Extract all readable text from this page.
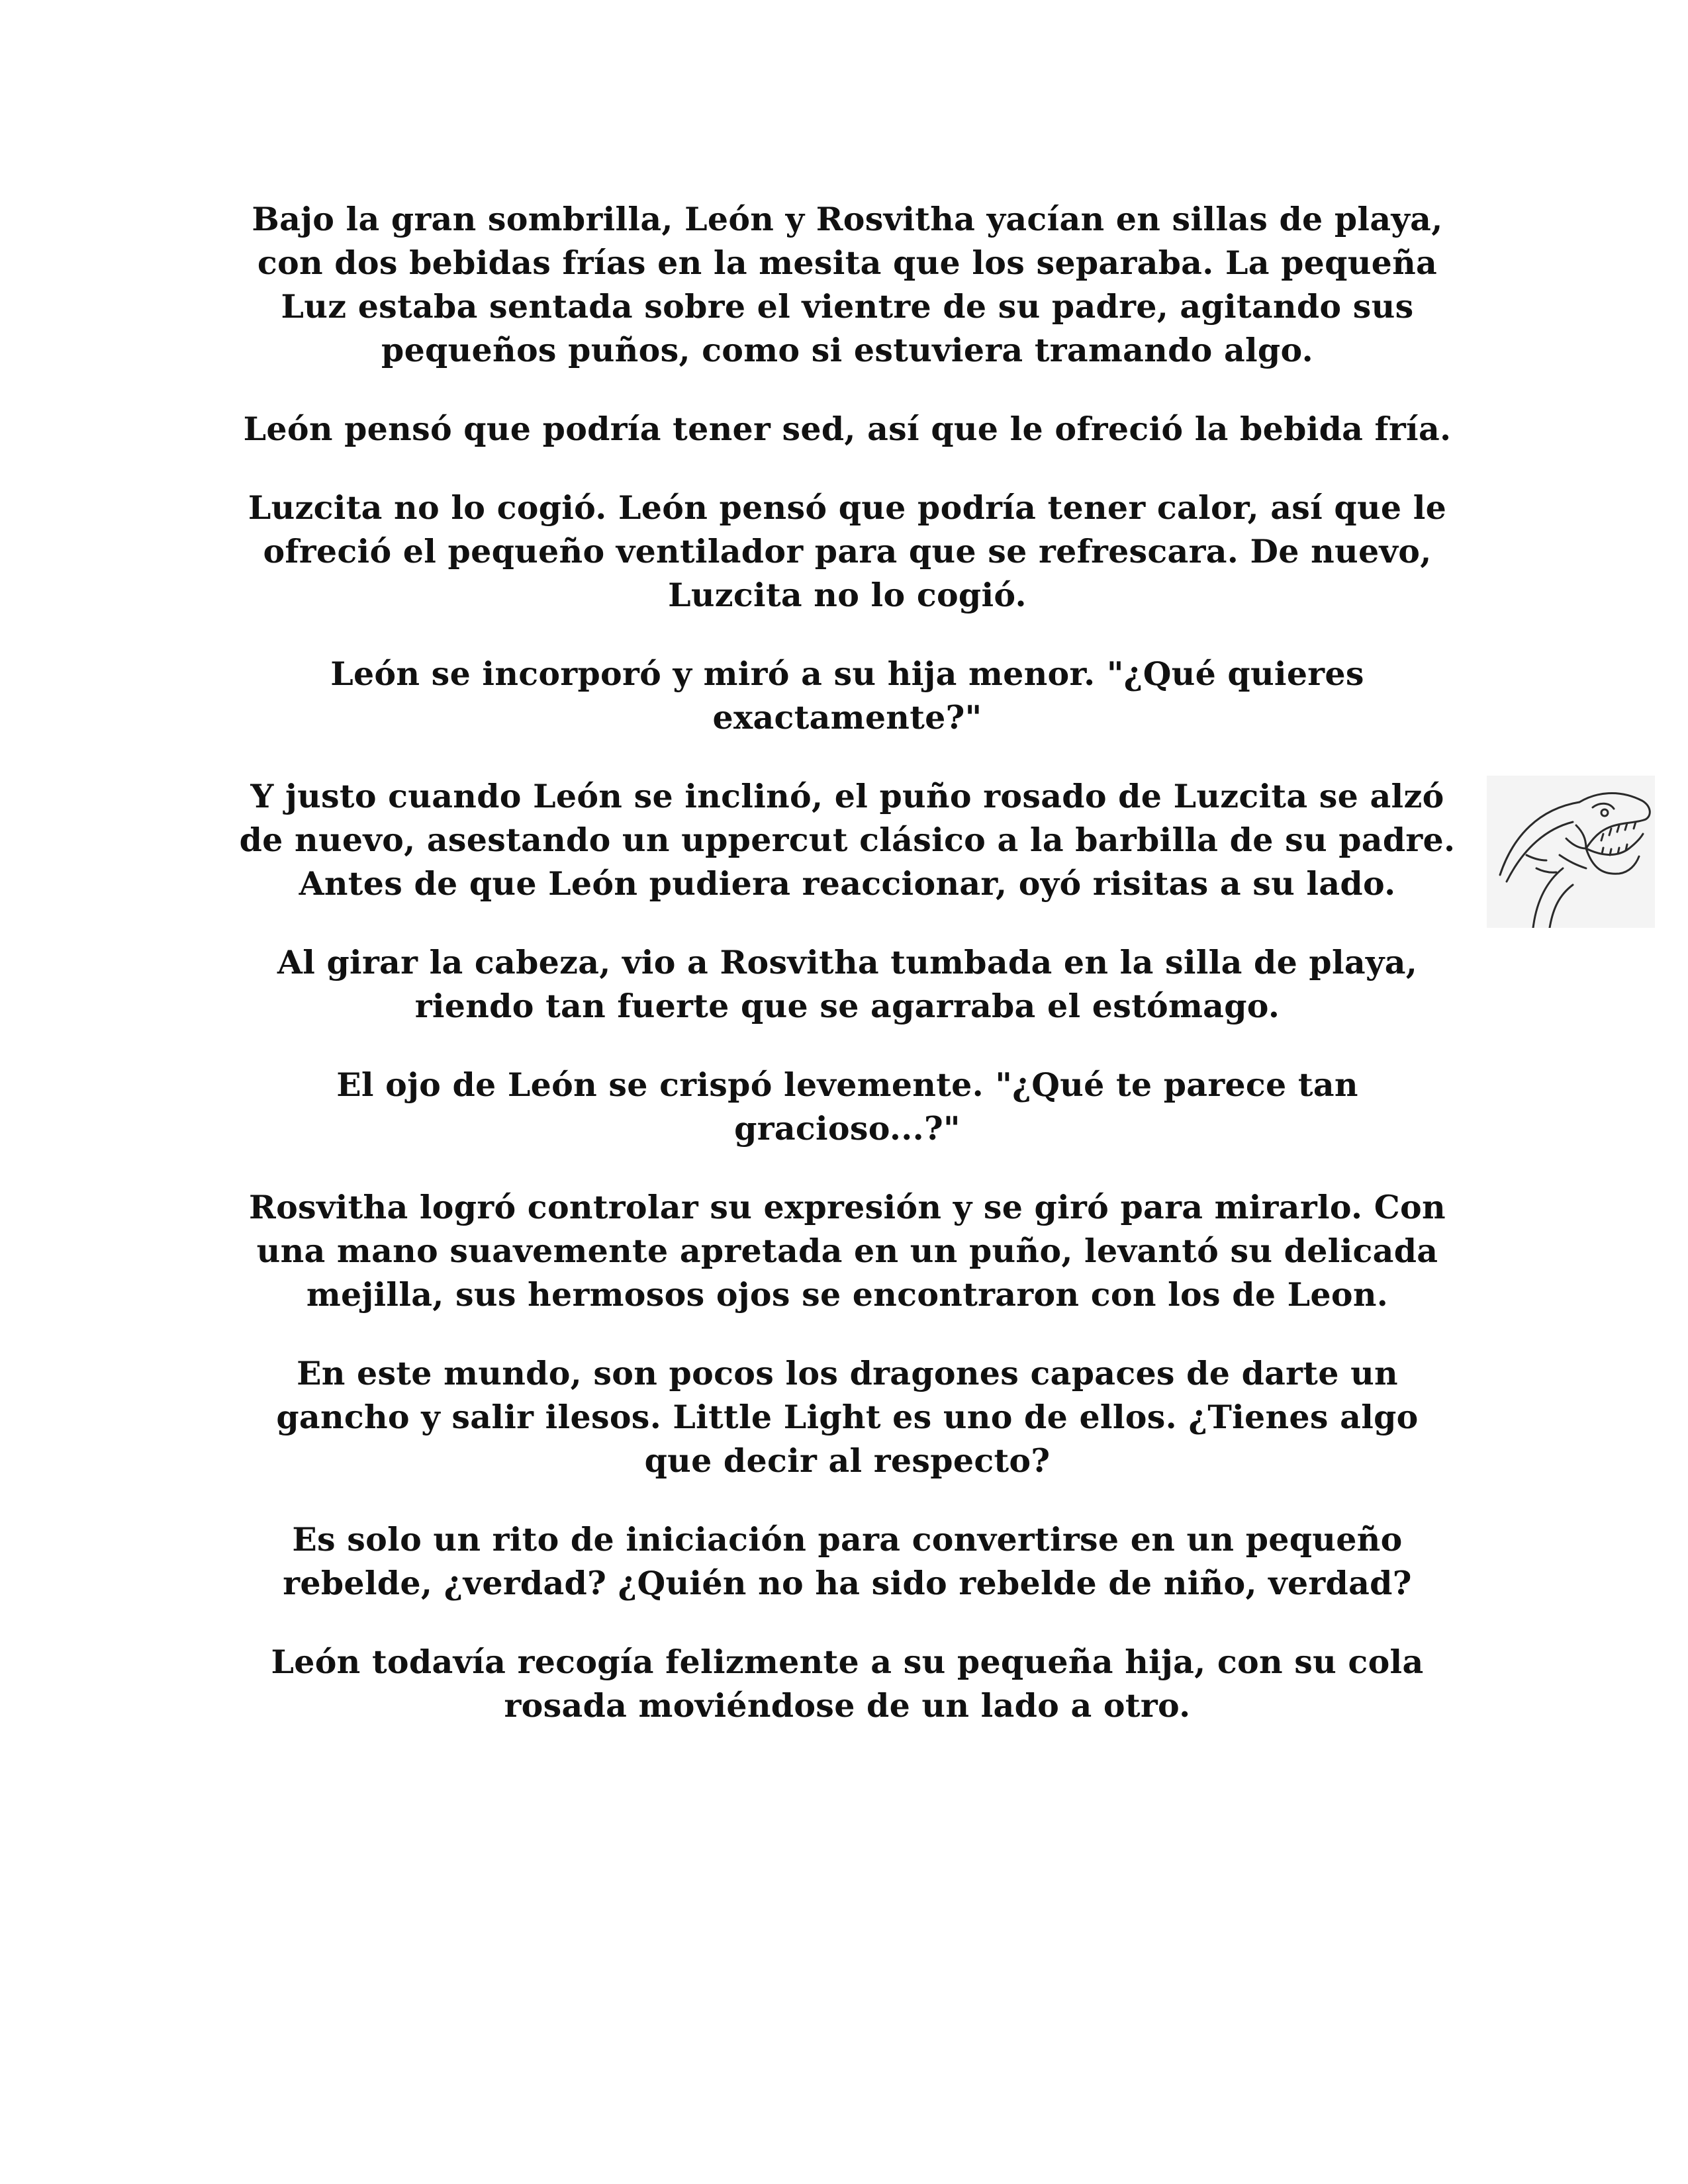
Bajo la gran sombrilla, León y Rosvitha yacían en sillas de playa, con dos bebidas frías en la mesita que los separaba. La pequeña Luz estaba sentada sobre el vientre de su padre, agitando sus pequeños puños, como si estuviera tramando algo.

León pensó que podría tener sed, así que le ofreció la bebida fría.

Luzcita no lo cogió. León pensó que podría tener calor, así que le ofreció el pequeño ventilador para que se refrescara. De nuevo, Luzcita no lo cogió.

León se incorporó y miró a su hija menor. "¿Qué quieres exactamente?"

Y justo cuando León se inclinó, el puño rosado de Luzcita se alzó de nuevo, asestando un uppercut clásico a la barbilla de su padre. Antes de que León pudiera reaccionar, oyó risitas a su lado.

Al girar la cabeza, vio a Rosvitha tumbada en la silla de playa, riendo tan fuerte que se agarraba el estómago.

El ojo de León se crispó levemente. "¿Qué te parece tan gracioso...?"

Rosvitha logró controlar su expresión y se giró para mirarlo. Con una mano suavemente apretada en un puño, levantó su delicada mejilla, sus hermosos ojos se encontraron con los de Leon.

En este mundo, son pocos los dragones capaces de darte un gancho y salir ilesos. Little Light es uno de ellos. ¿Tienes algo que decir al respecto?

Es solo un rito de iniciación para convertirse en un pequeño rebelde, ¿verdad? ¿Quién no ha sido rebelde de niño, verdad?

León todavía recogía felizmente a su pequeña hija, con su cola rosada moviéndose de un lado a otro.
